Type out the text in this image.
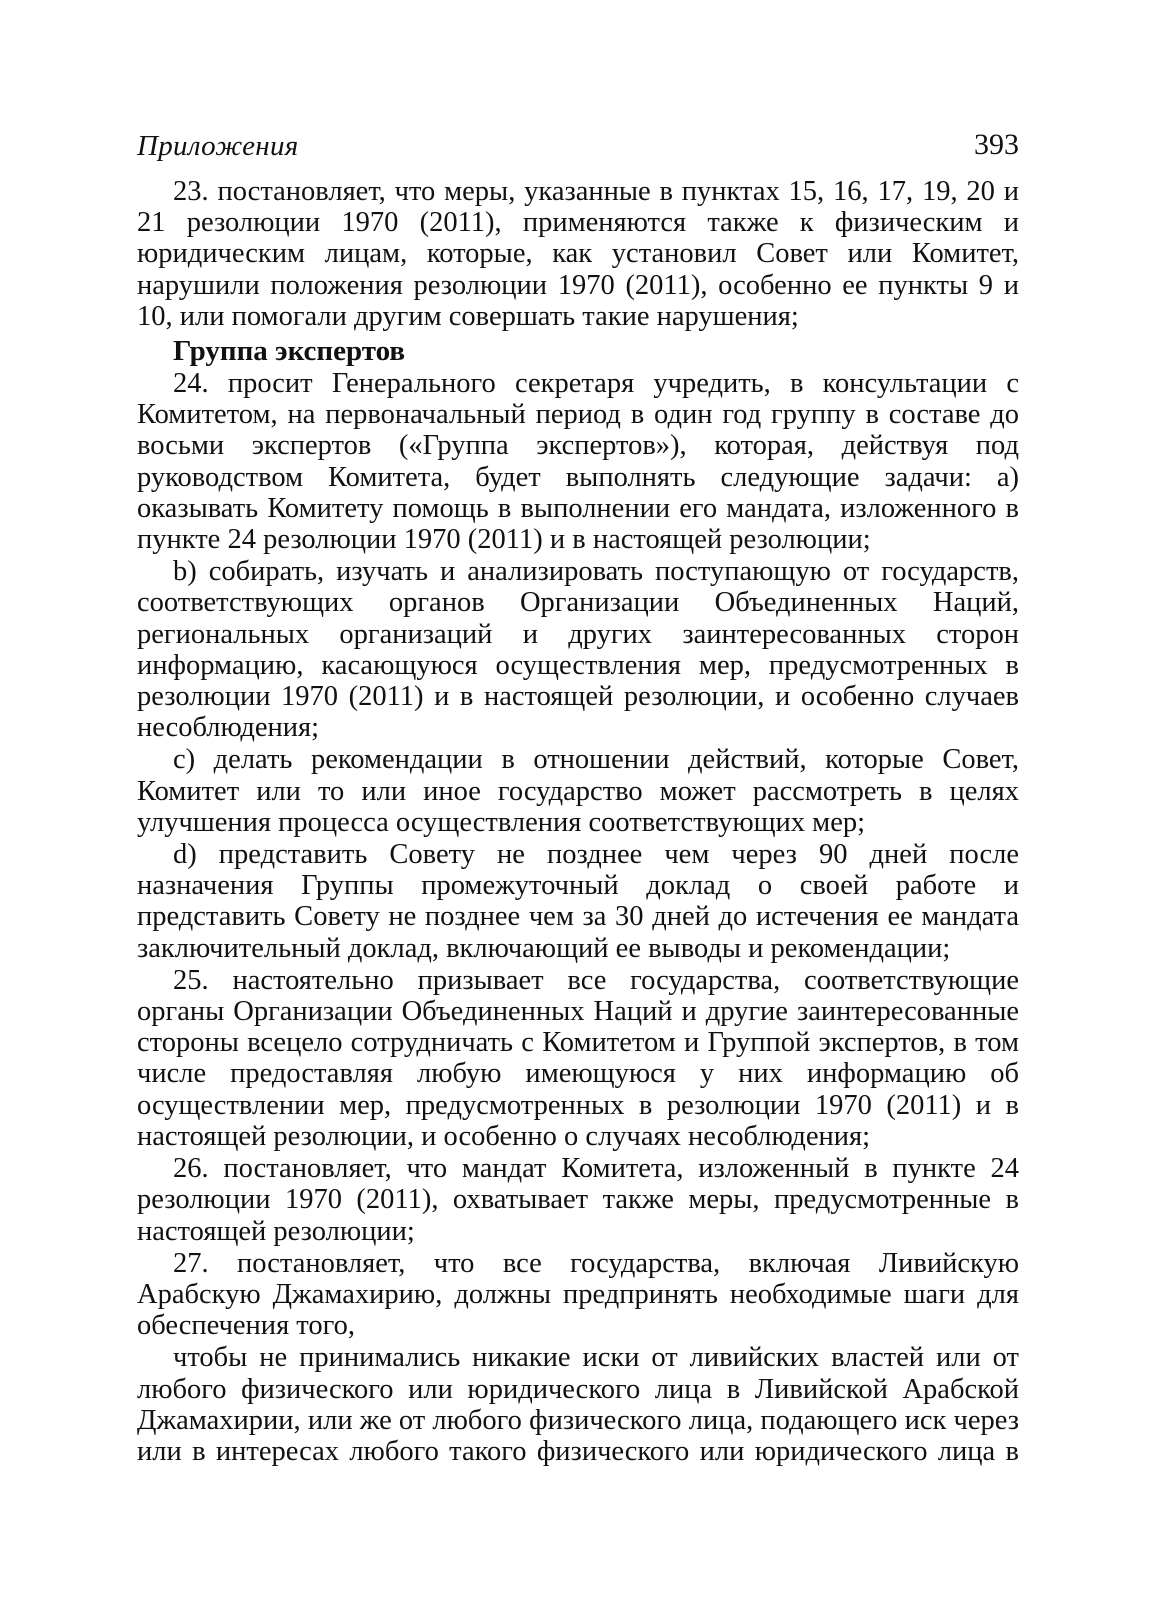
Приложения	393

23. постановляет, что меры, указанные в пунктах 15, 16, 17, 19, 20 и 21 резолюции 1970 (2011), применяются также к физическим и юридическим лицам, которые, как установил Совет или Комитет, нарушили положения резолюции 1970 (2011), особенно ее пункты 9 и 10, или помогали другим совершать такие нарушения;

Группа экспертов

24. просит Генерального секретаря учредить, в консультации с Комитетом, на первоначальный период в один год группу в составе до восьми экспертов («Группа экспертов»), которая, действуя под руководством Комитета, будет выполнять следующие задачи: a) оказывать Комитету помощь в выполнении его мандата, изложенного в пункте 24 резолюции 1970 (2011) и в настоящей резолюции;

b) собирать, изучать и анализировать поступающую от государств, соответствующих органов Организации Объединенных Наций, региональных организаций и других заинтересованных сторон информацию, касающуюся осуществления мер, предусмотренных в резолюции 1970 (2011) и в настоящей резолюции, и особенно случаев несоблюдения;

c) делать рекомендации в отношении действий, которые Совет, Комитет или то или иное государство может рассмотреть в целях улучшения процесса осуществления соответствующих мер;

d) представить Совету не позднее чем через 90 дней после назначения Группы промежуточный доклад о своей работе и представить Совету не позднее чем за 30 дней до истечения ее мандата заключительный доклад, включающий ее выводы и рекомендации;

25. настоятельно призывает все государства, соответствующие органы Организации Объединенных Наций и другие заинтересованные стороны всецело сотрудничать с Комитетом и Группой экспертов, в том числе предоставляя любую имеющуюся у них информацию об осуществлении мер, предусмотренных в резолюции 1970 (2011) и в настоящей резолюции, и особенно о случаях несоблюдения;

26. постановляет, что мандат Комитета, изложенный в пункте 24 резолюции 1970 (2011), охватывает также меры, предусмотренные в настоящей резолюции;

27. постановляет, что все государства, включая Ливийскую Арабскую Джамахирию, должны предпринять необходимые шаги для обеспечения того,

чтобы не принимались никакие иски от ливийских властей или от любого физического или юридического лица в Ливийской Арабской Джамахирии, или же от любого физического лица, подающего иск через или в интересах любого такого физического или юридического лица в
